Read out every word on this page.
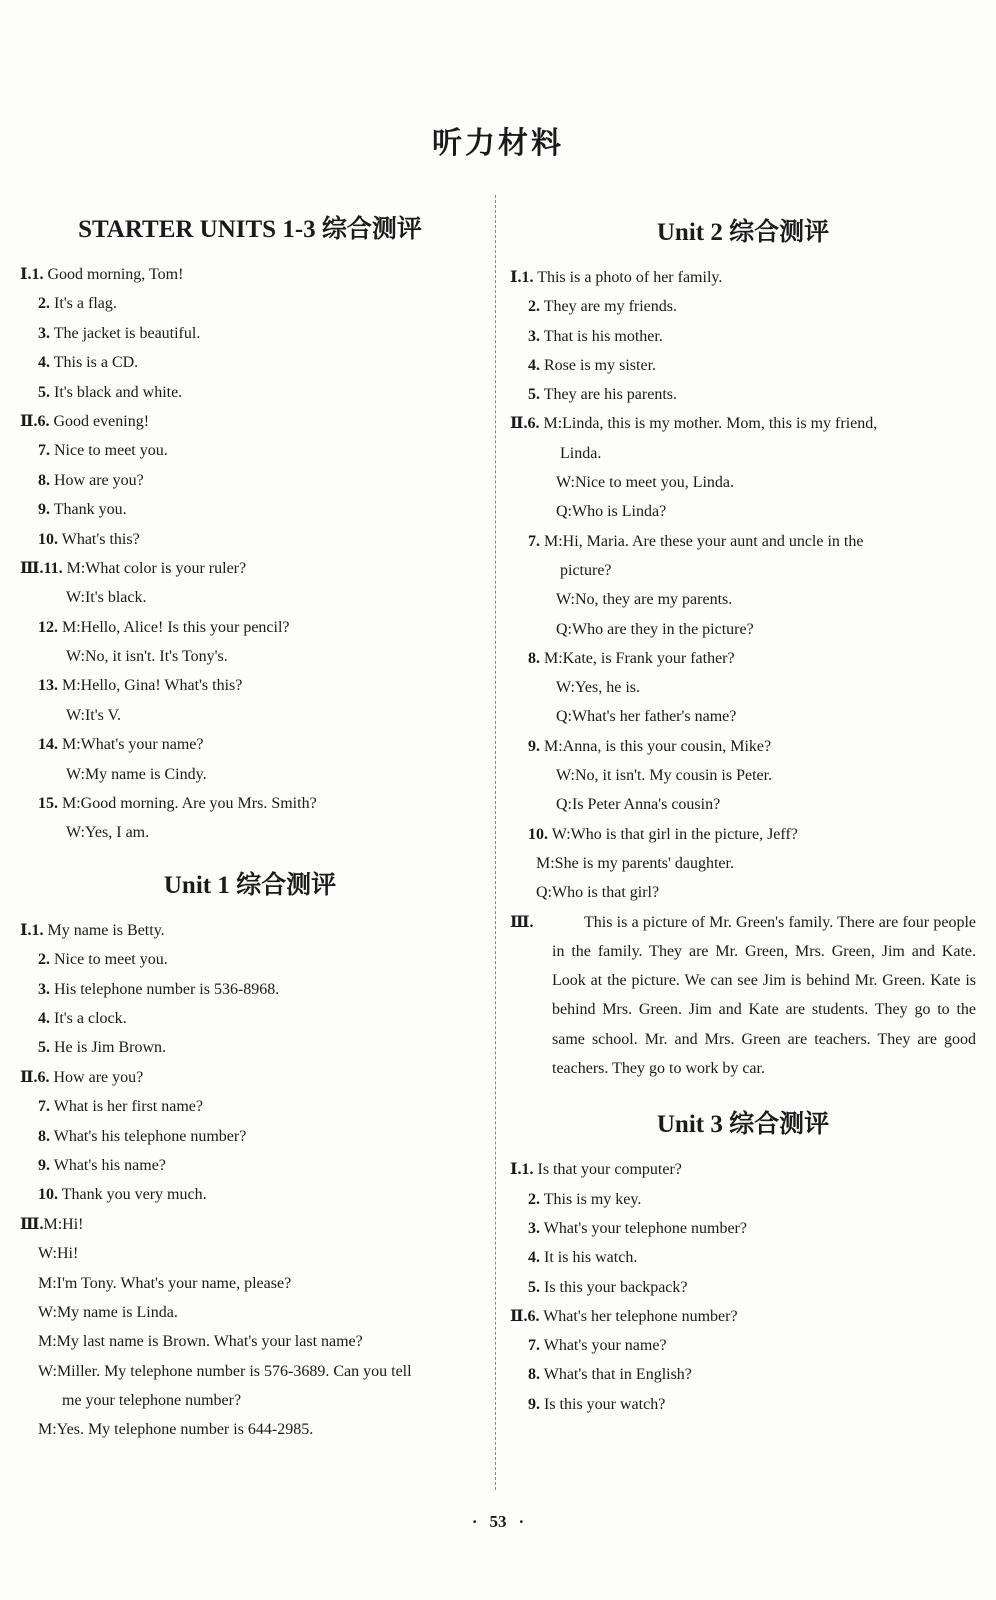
听力材料
STARTER UNITS 1-3 综合测评
Ⅰ.1. Good morning, Tom!
2. It's a flag.
3. The jacket is beautiful.
4. This is a CD.
5. It's black and white.
Ⅱ.6. Good evening!
7. Nice to meet you.
8. How are you?
9. Thank you.
10. What's this?
Ⅲ.11. M:What color is your ruler?
W:It's black.
12. M:Hello, Alice! Is this your pencil?
W:No, it isn't. It's Tony's.
13. M:Hello, Gina! What's this?
W:It's V.
14. M:What's your name?
W:My name is Cindy.
15. M:Good morning. Are you Mrs. Smith?
W:Yes, I am.
Unit 1 综合测评
Ⅰ.1. My name is Betty.
2. Nice to meet you.
3. His telephone number is 536-8968.
4. It's a clock.
5. He is Jim Brown.
Ⅱ.6. How are you?
7. What is her first name?
8. What's his telephone number?
9. What's his name?
10. Thank you very much.
Ⅲ.M:Hi!
W:Hi!
M:I'm Tony. What's your name, please?
W:My name is Linda.
M:My last name is Brown. What's your last name?
W:Miller. My telephone number is 576-3689. Can you tell
me your telephone number?
M:Yes. My telephone number is 644-2985.
Unit 2 综合测评
Ⅰ.1. This is a photo of her family.
2. They are my friends.
3. That is his mother.
4. Rose is my sister.
5. They are his parents.
Ⅱ.6. M:Linda, this is my mother. Mom, this is my friend,
Linda.
W:Nice to meet you, Linda.
Q:Who is Linda?
7. M:Hi, Maria. Are these your aunt and uncle in the
picture?
W:No, they are my parents.
Q:Who are they in the picture?
8. M:Kate, is Frank your father?
W:Yes, he is.
Q:What's her father's name?
9. M:Anna, is this your cousin, Mike?
W:No, it isn't. My cousin is Peter.
Q:Is Peter Anna's cousin?
10. W:Who is that girl in the picture, Jeff?
M:She is my parents' daughter.
Q:Who is that girl?
Ⅲ.	This is a picture of Mr. Green's family. There are four people in the family. They are Mr. Green, Mrs. Green, Jim and Kate. Look at the picture. We can see Jim is behind Mr. Green. Kate is behind Mrs. Green. Jim and Kate are students. They go to the same school. Mr. and Mrs. Green are teachers. They are good teachers. They go to work by car.
Unit 3 综合测评
Ⅰ.1. Is that your computer?
2. This is my key.
3. What's your telephone number?
4. It is his watch.
5. Is this your backpack?
Ⅱ.6. What's her telephone number?
7. What's your name?
8. What's that in English?
9. Is this your watch?
· 53 ·
